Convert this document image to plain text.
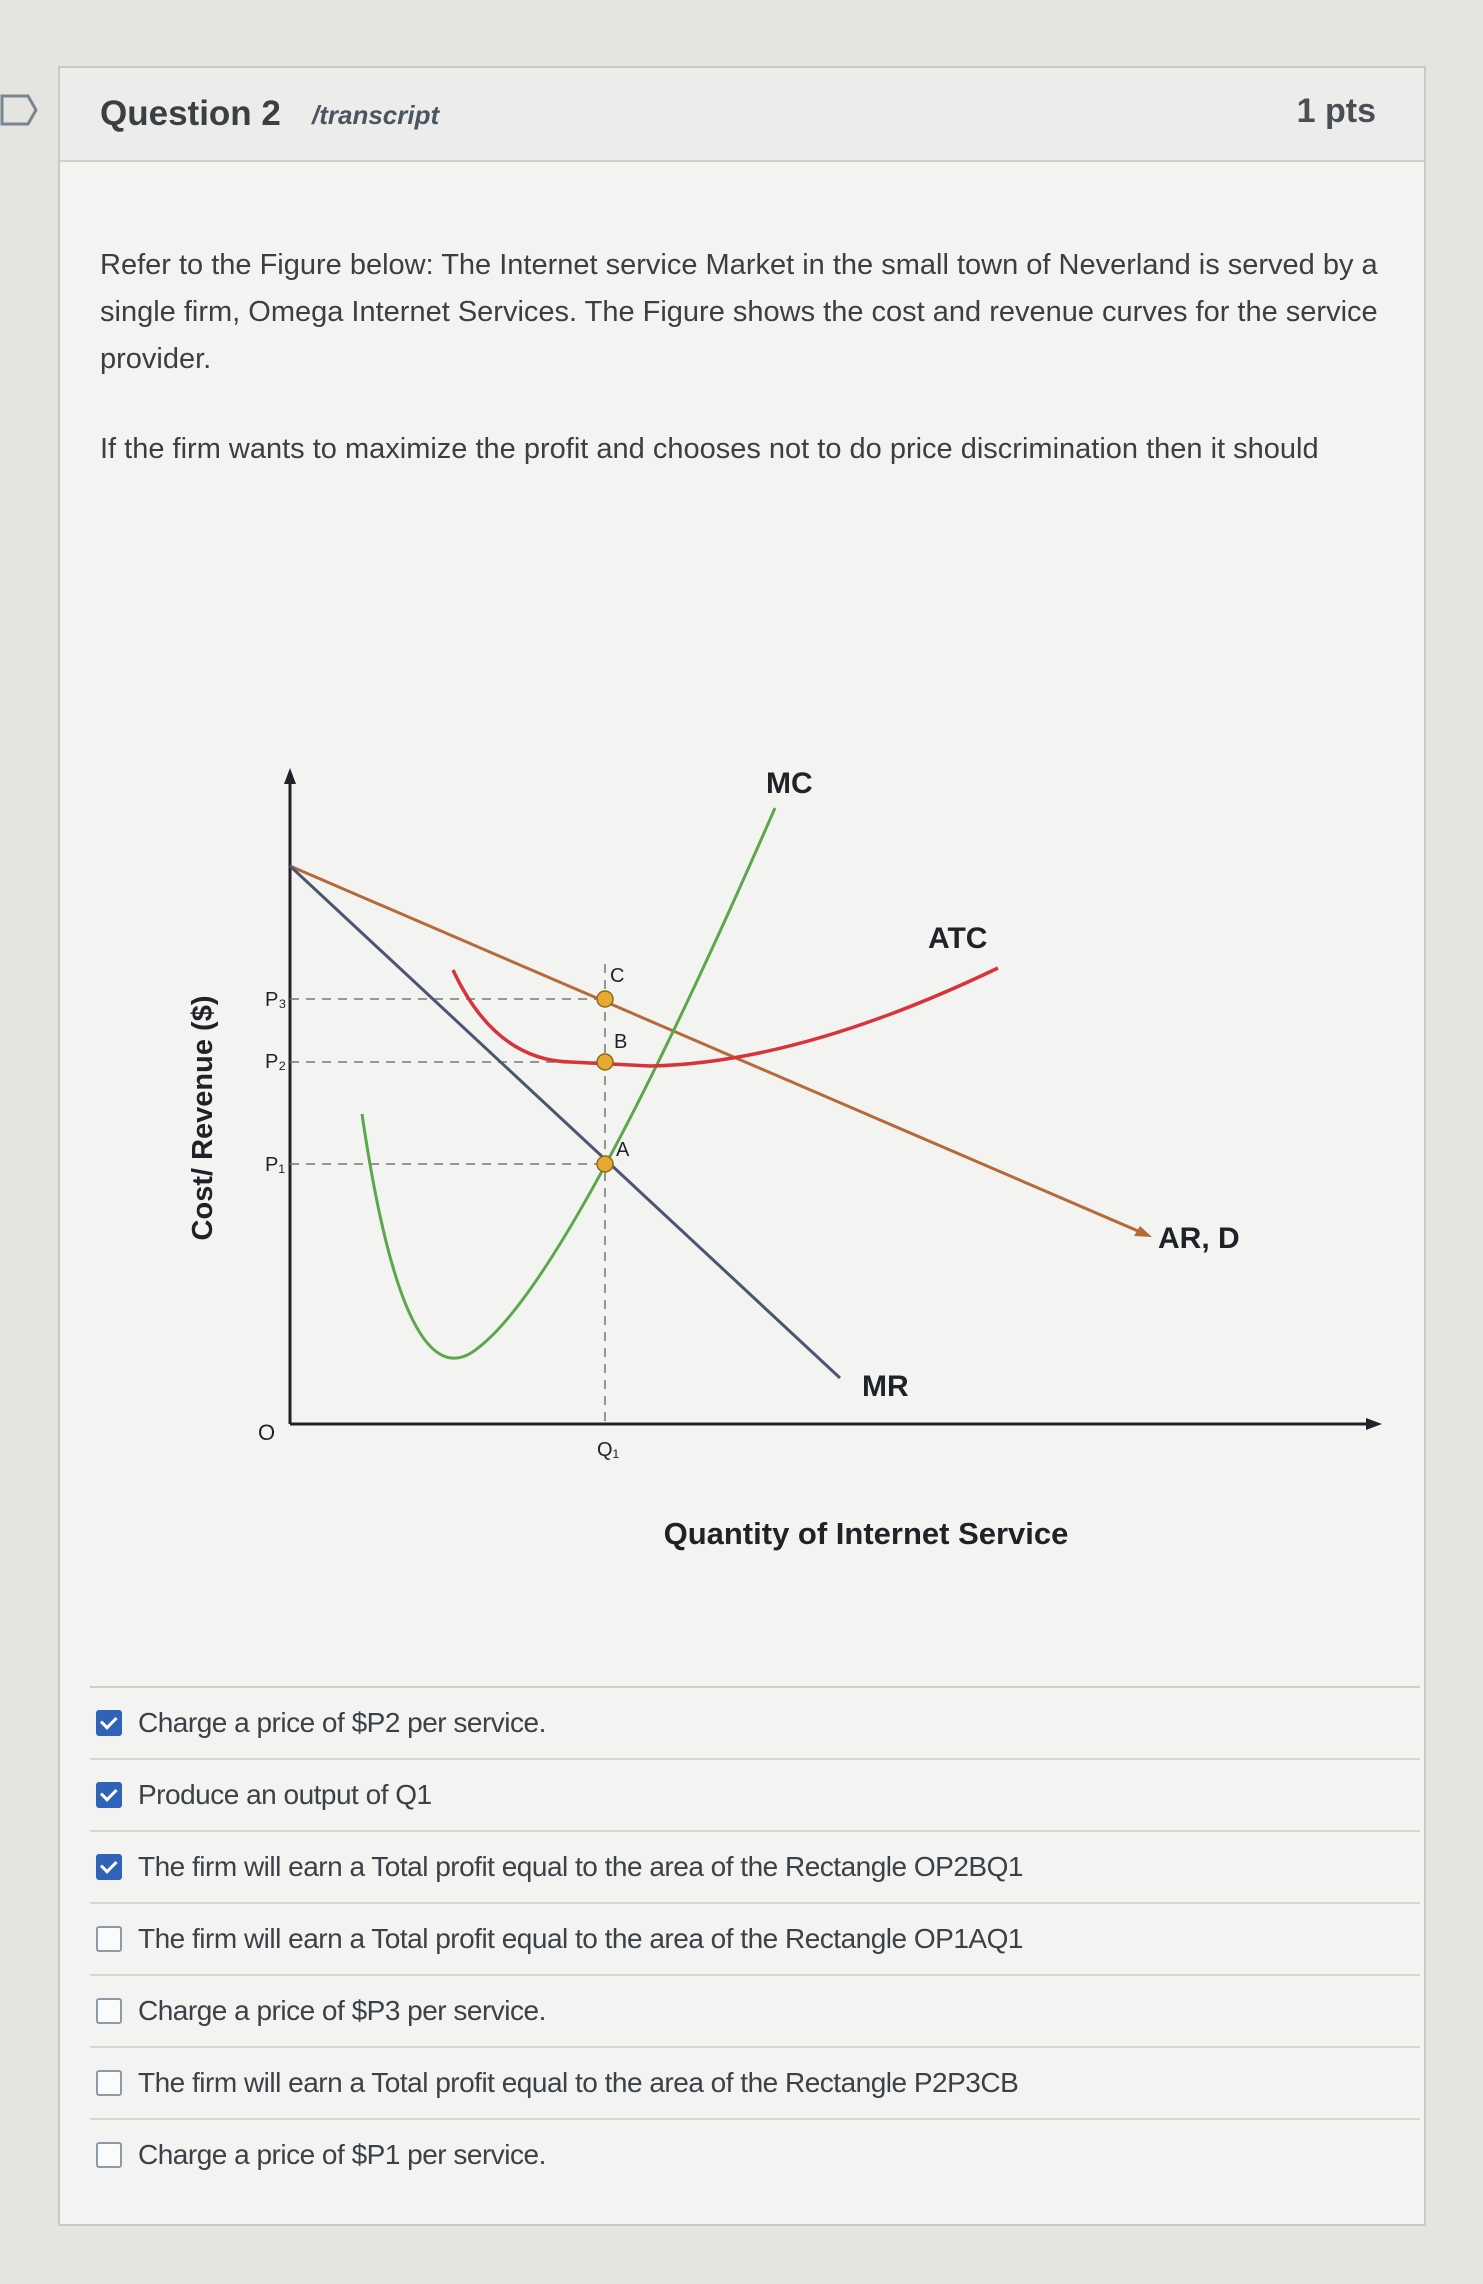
Question 2 /transcript	1 pts
Refer to the Figure below: The Internet service Market in the small town of Neverland is served by a single firm, Omega Internet Services. The Figure shows the cost and revenue curves for the service provider.
If the firm wants to maximize the profit and chooses not to do price discrimination then it should
Cost/ Revenue ($)
Quantity of Internet Service
O
Q₁
P₃
P₂
P₁
MC
ATC
MR
AR, D
C
B
A
Charge a price of $P2 per service.
Produce an output of Q1
The firm will earn a Total profit equal to the area of the Rectangle OP2BQ1
The firm will earn a Total profit equal to the area of the Rectangle OP1AQ1
Charge a price of $P3 per service.
The firm will earn a Total profit equal to the area of the Rectangle P2P3CB
Charge a price of $P1 per service.
